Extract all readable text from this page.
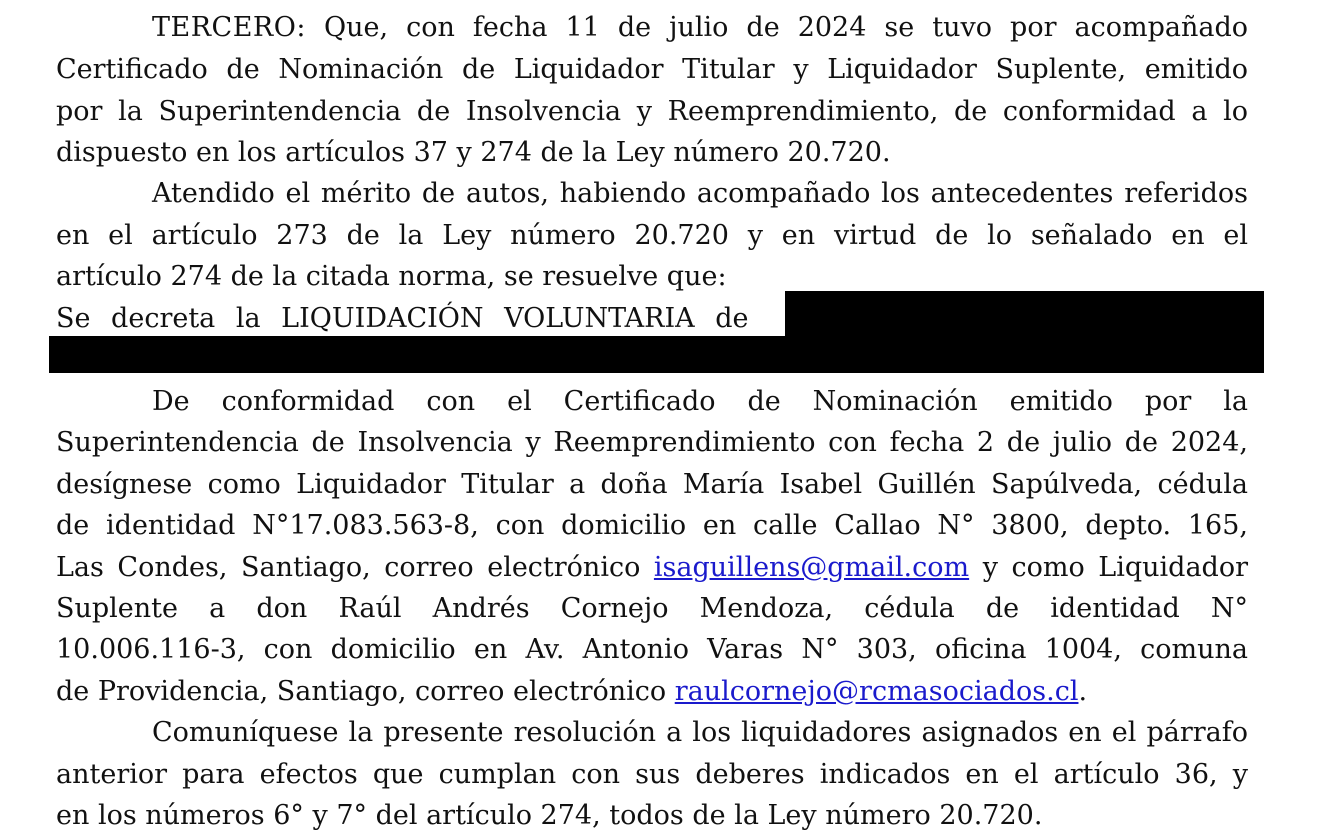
TERCERO: Que, con fecha 11 de julio de 2024 se tuvo por acompañado
Certificado de Nominación de Liquidador Titular y Liquidador Suplente, emitido
por la Superintendencia de Insolvencia y Reemprendimiento, de conformidad a lo
dispuesto en los artículos 37 y 274 de la Ley número 20.720.
Atendido el mérito de autos, habiendo acompañado los antecedentes referidos
en el artículo 273 de la Ley número 20.720 y en virtud de lo señalado en el
artículo 274 de la citada norma, se resuelve que:
Se decreta la LIQUIDACIÓN VOLUNTARIA de
De conformidad con el Certificado de Nominación emitido por la
Superintendencia de Insolvencia y Reemprendimiento con fecha 2 de julio de 2024,
desígnese como Liquidador Titular a doña María Isabel Guillén Sapúlveda, cédula
de identidad N°17.083.563-8, con domicilio en calle Callao N° 3800, depto. 165,
Las Condes, Santiago, correo electrónico isaguillens@gmail.com y como Liquidador
Suplente a don Raúl Andrés Cornejo Mendoza, cédula de identidad N°
10.006.116-3, con domicilio en Av. Antonio Varas N° 303, oficina 1004, comuna
de Providencia, Santiago, correo electrónico raulcornejo@rcmasociados.cl.
Comuníquese la presente resolución a los liquidadores asignados en el párrafo
anterior para efectos que cumplan con sus deberes indicados en el artículo 36, y
en los números 6° y 7° del artículo 274, todos de la Ley número 20.720.
